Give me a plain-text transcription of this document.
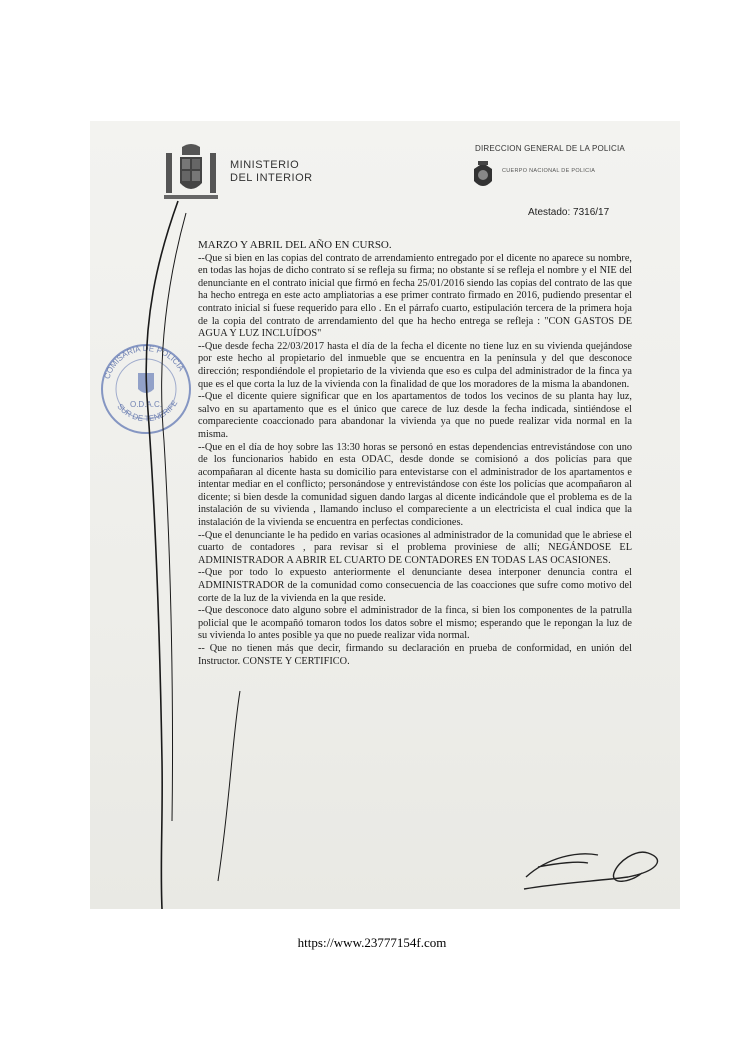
MINISTERIO
DEL INTERIOR
DIRECCION GENERAL DE LA POLICIA
CUERPO NACIONAL DE POLICIA
Atestado: 7316/17
COMISARIA DE POLICIA
SUR DE TENERIFE
O.D.A.C.

MARZO Y ABRIL DEL AÑO EN CURSO.

--Que si bien en las copias del contrato de arrendamiento entregado por el dicente no aparece su nombre, en todas las hojas de dicho contrato sí se refleja su firma; no obstante sí se refleja el nombre y el NIE del denunciante en el contrato inicial que firmó en fecha 25/01/2016 siendo las copias del contrato de las que ha hecho entrega en este acto ampliatorias a ese primer contrato firmado en 2016, pudiendo presentar el contrato inicial si fuese requerido para ello . En el párrafo cuarto, estipulación tercera de la primera hoja de la copia del contrato de arrendamiento del que ha hecho entrega se refleja : "CON GASTOS DE AGUA Y LUZ INCLUÍDOS"

--Que desde fecha 22/03/2017 hasta el día de la fecha el dicente no tiene luz en su vivienda quejándose por este hecho al propietario del inmueble que se encuentra en la península y del que desconoce dirección; respondiéndole el propietario de la vivienda que eso es culpa del administrador de la finca ya que es el que corta la luz de la vivienda con la finalidad de que los moradores de la misma la abandonen.

--Que el dicente quiere significar que en los apartamentos de todos los vecinos de su planta hay luz, salvo en su apartamento que es el único que carece de luz desde la fecha indicada, sintiéndose el compareciente coaccionado para abandonar la vivienda ya que no puede realizar vida normal en la misma.

--Que en el día de hoy sobre las 13:30 horas se personó en estas dependencias entrevistándose con uno de los funcionarios habido en esta ODAC, desde donde se comisionó a dos policías para que acompañaran al dicente hasta su domicilio para entevistarse con el administrador de los apartamentos e intentar mediar en el conflicto; personándose y entrevistándose con éste los policías que acompañaron al dicente; si bien desde la comunidad siguen dando largas al dicente indicándole que el problema es de la instalación de su vivienda , llamando incluso el compareciente a un electricista el cual indica que la instalación de la vivienda se encuentra en perfectas condiciones.

--Que el denunciante le ha pedido en varias ocasiones al administrador de la comunidad que le abriese el cuarto de contadores , para revisar si el problema proviniese de allí; NEGÁNDOSE EL ADMINISTRADOR A ABRIR EL CUARTO DE CONTADORES EN TODAS LAS OCASIONES.

--Que por todo lo expuesto anteriormente el denunciante desea interponer denuncia contra el ADMINISTRADOR de la comunidad como consecuencia de las coacciones que sufre como motivo del corte de la luz de la vivienda en la que reside.

--Que desconoce dato alguno sobre el administrador de la finca, si bien los componentes de la patrulla policial que le acompañó tomaron todos los datos sobre el mismo; esperando que le repongan la luz de su vivienda lo antes posible ya que no puede realizar vida normal.

-- Que no tienen más que decir, firmando su declaración en prueba de conformidad, en unión del Instructor. CONSTE Y CERTIFICO.

https://www.23777154f.com
